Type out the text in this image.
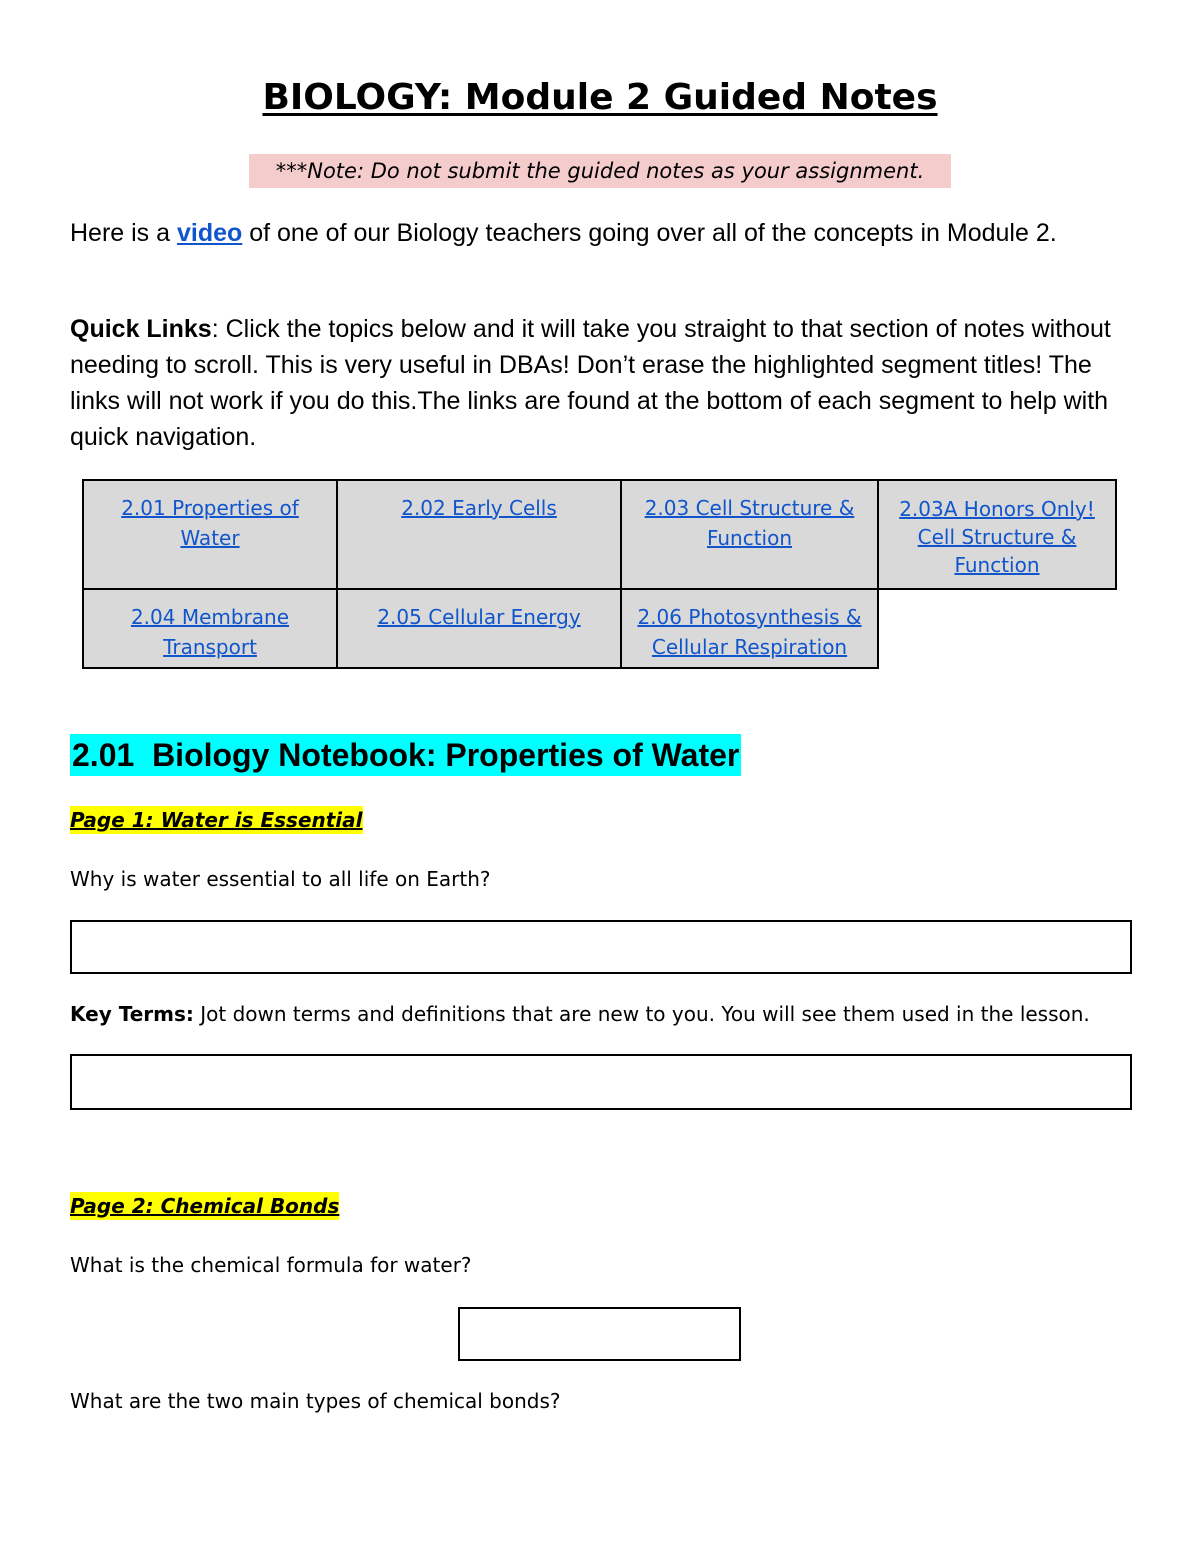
BIOLOGY: Module 2 Guided Notes
***Note: Do not submit the guided notes as your assignment.
Here is a video of one of our Biology teachers going over all of the concepts in Module 2.
Quick Links: Click the topics below and it will take you straight to that section of notes without needing to scroll. This is very useful in DBAs! Don’t erase the highlighted segment titles! The links will not work if you do this.The links are found at the bottom of each segment to help with quick navigation.
2.01 Properties of Water	2.02 Early Cells	2.03 Cell Structure & Function	2.03A Honors Only! Cell Structure & Function
2.04 Membrane Transport	2.05 Cellular Energy	2.06 Photosynthesis & Cellular Respiration	
2.01  Biology Notebook: Properties of Water
Page 1: Water is Essential
Why is water essential to all life on Earth?
Key Terms: Jot down terms and definitions that are new to you. You will see them used in the lesson.
Page 2: Chemical Bonds
What is the chemical formula for water?
What are the two main types of chemical bonds?
